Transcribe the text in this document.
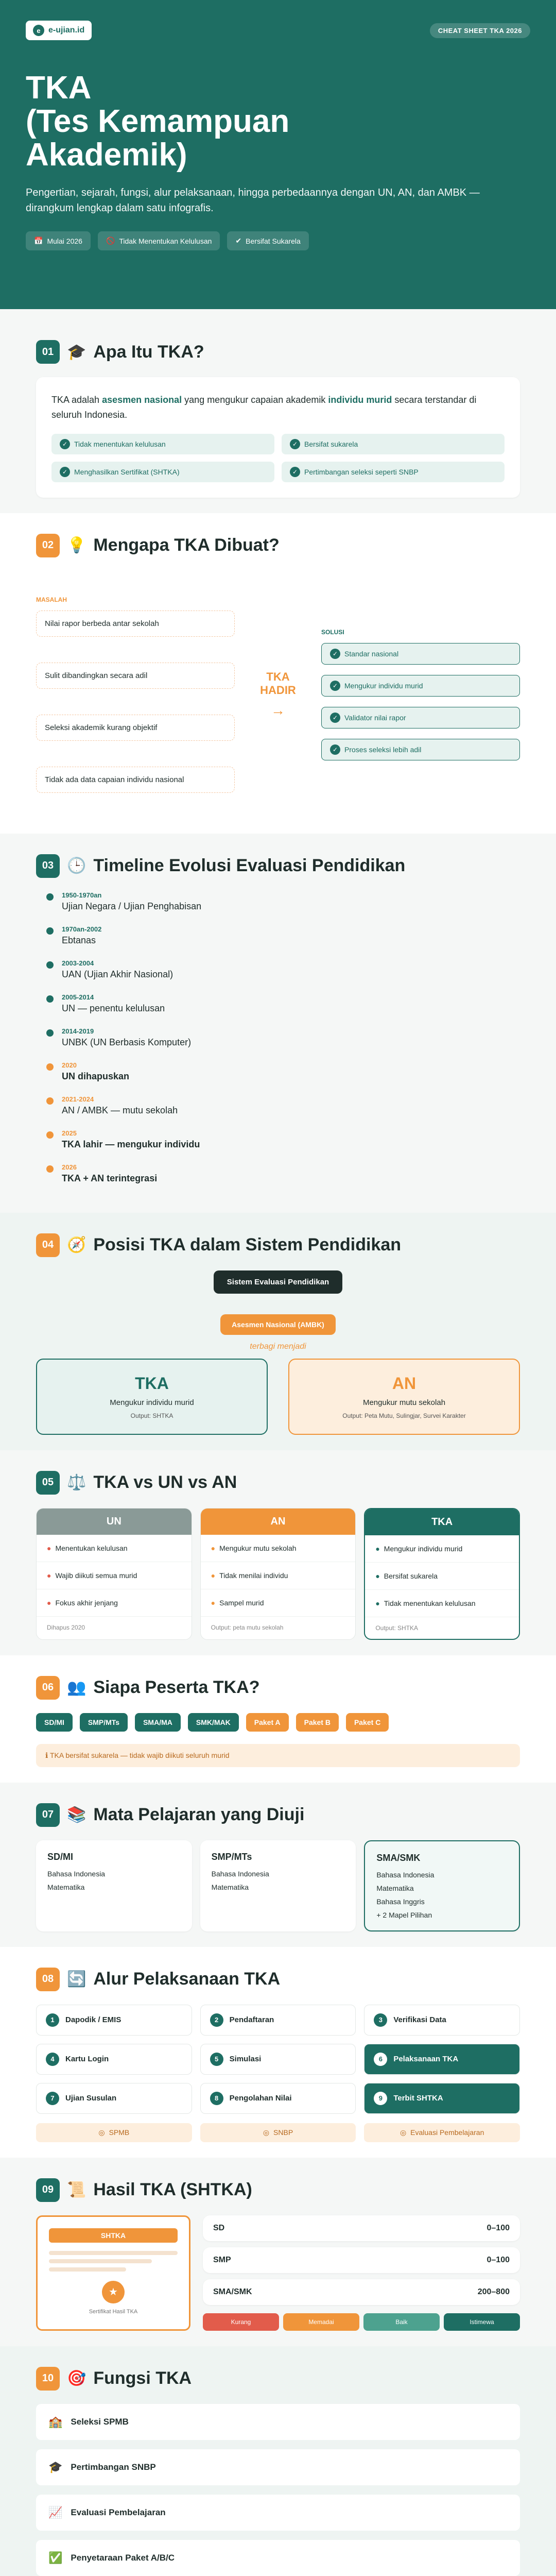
e e-ujian.id	CHEAT SHEET TKA 2026
TKA
(Tes Kemampuan
Akademik)

Pengertian, sejarah, fungsi, alur pelaksanaan, hingga perbedaannya dengan UN, AN, dan AMBK — dirangkum lengkap dalam satu infografis.

📅 Mulai 2026	🚫 Tidak Menentukan Kelulusan	✔ Bersifat Sukarela
01 🎓 Apa Itu TKA?

TKA adalah asesmen nasional yang mengukur capaian akademik individu murid secara terstandar di seluruh Indonesia.

✓ Tidak menentukan kelulusan	✓ Bersifat sukarela
✓ Menghasilkan Sertifikat (SHTKA)	✓ Pertimbangan seleksi seperti SNBP
02 💡 Mengapa TKA Dibuat?
MASALAH
Nilai rapor berbeda antar sekolah
Sulit dibandingkan secara adil
Seleksi akademik kurang objektif
Tidak ada data capaian individu nasional
TKA
HADIR
→
SOLUSI
✓ Standar nasional
✓ Mengukur individu murid
✓ Validator nilai rapor
✓ Proses seleksi lebih adil
03 🕒 Timeline Evolusi Evaluasi Pendidikan
1950-1970an
Ujian Negara / Ujian Penghabisan
1970an-2002
Ebtanas
2003-2004
UAN (Ujian Akhir Nasional)
2005-2014
UN — penentu kelulusan
2014-2019
UNBK (UN Berbasis Komputer)
2020
UN dihapuskan
2021-2024
AN / AMBK — mutu sekolah
2025
TKA lahir — mengukur individu
2026
TKA + AN terintegrasi
04 🧭 Posisi TKA dalam Sistem Pendidikan
Sistem Evaluasi Pendidikan
Asesmen Nasional (AMBK)
terbagi menjadi
TKA
Mengukur individu murid
Output: SHTKA
AN
Mengukur mutu sekolah
Output: Peta Mutu, Sulingjar, Survei Karakter
05 ⚖️ TKA vs UN vs AN
UN
● Menentukan kelulusan
● Wajib diikuti semua murid
● Fokus akhir jenjang
Dihapus 2020
AN
● Mengukur mutu sekolah
● Tidak menilai individu
● Sampel murid
Output: peta mutu sekolah
TKA
● Mengukur individu murid
● Bersifat sukarela
● Tidak menentukan kelulusan
Output: SHTKA
06 👥 Siapa Peserta TKA?
SD/MI	SMP/MTs	SMA/MA	SMK/MAK	Paket A	Paket B	Paket C
ℹ TKA bersifat sukarela — tidak wajib diikuti seluruh murid
07 📚 Mata Pelajaran yang Diuji
SD/MI
Bahasa Indonesia
Matematika
SMP/MTs
Bahasa Indonesia
Matematika
SMA/SMK
Bahasa Indonesia
Matematika
Bahasa Inggris
+ 2 Mapel Pilihan
08 🔄 Alur Pelaksanaan TKA
1	Dapodik / EMIS	2	Pendaftaran	3	Verifikasi Data
4	Kartu Login	5	Simulasi	6	Pelaksanaan TKA
7	Ujian Susulan	8	Pengolahan Nilai	9	Terbit SHTKA
◎ SPMB	◎ SNBP	◎ Evaluasi Pembelajaran
09 📜 Hasil TKA (SHTKA)
SHTKA
★
Sertifikat Hasil TKA
SD	0–100
SMP	0–100
SMA/SMK	200–800
Kurang	Memadai	Baik	Istimewa
10 🎯 Fungsi TKA
🏫 Seleksi SPMB
🎓 Pertimbangan SNBP
📈 Evaluasi Pembelajaran
✅ Penyetaraan Paket A/B/C
